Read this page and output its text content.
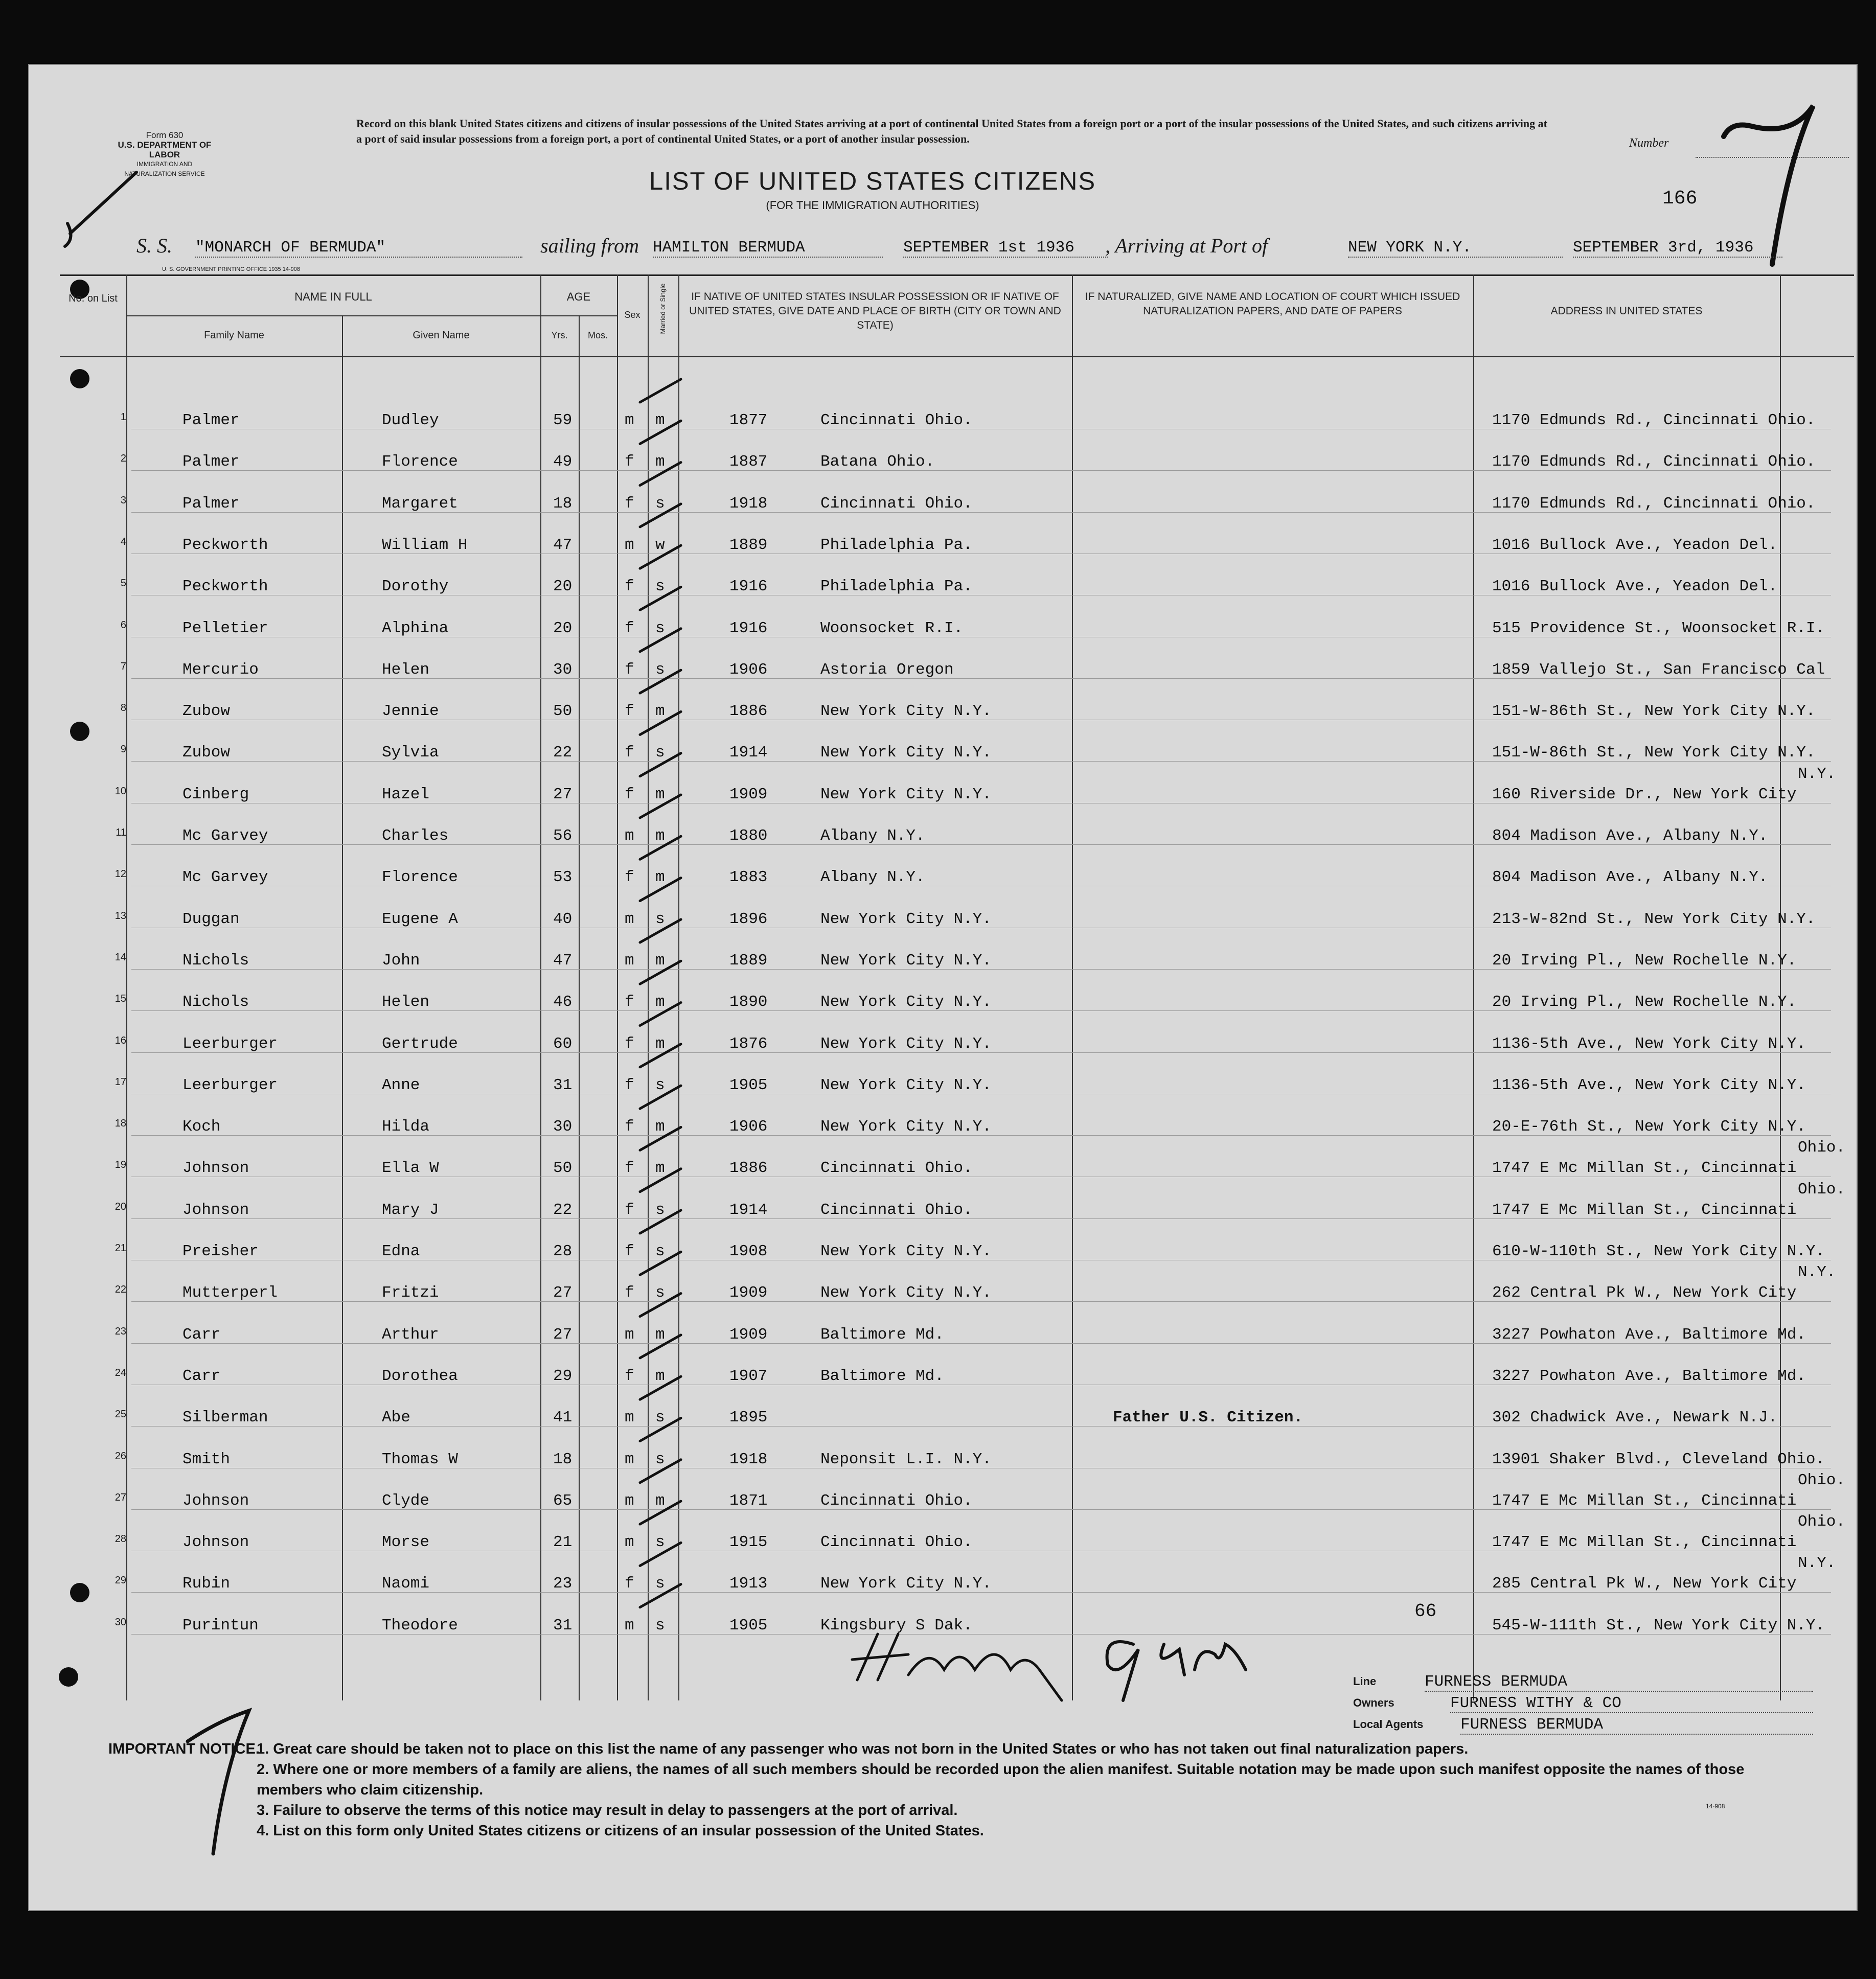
Form 630
U.S. DEPARTMENT OF LABOR
IMMIGRATION AND NATURALIZATION SERVICE
Record on this blank United States citizens and citizens of insular possessions of the United States arriving at a port of continental United States from a foreign port or a port of the insular possessions of the United States, and such citizens arriving at a port of said insular possessions from a foreign port, a port of continental United States, or a port of another insular possession.	Number
166
LIST OF UNITED STATES CITIZENS
(FOR THE IMMIGRATION AUTHORITIES)
S. S. "MONARCH OF BERMUDA"	sailing from HAMILTON BERMUDA	SEPTEMBER 1st 1936	, Arriving at Port of	NEW YORK N.Y.	SEPTEMBER 3rd, 1936
U. S. GOVERNMENT PRINTING OFFICE 1935 14-908
No. on List	NAME IN FULL
Family Name	Given Name
AGE
Yrs.	Mos.
Sex	Married or Single	IF NATIVE OF UNITED STATES INSULAR POSSESSION OR IF NATIVE OF UNITED STATES, GIVE DATE AND PLACE OF BIRTH (CITY OR TOWN AND STATE)
IF NATURALIZED, GIVE NAME AND LOCATION OF COURT WHICH ISSUED NATURALIZATION PAPERS, AND DATE OF PAPERS	ADDRESS IN UNITED STATES
1	Palmer	Dudley	59	m m	1877	Cincinnati Ohio.	1170 Edmunds Rd., Cincinnati Ohio.
2	Palmer	Florence	49	f m	1887	Batana Ohio.	1170 Edmunds Rd., Cincinnati Ohio.
3	Palmer	Margaret	18	f s	1918	Cincinnati Ohio.	1170 Edmunds Rd., Cincinnati Ohio.
4	Peckworth	William H	47	m w	1889	Philadelphia Pa.	1016 Bullock Ave., Yeadon Del.
5	Peckworth	Dorothy	20	f s	1916	Philadelphia Pa.	1016 Bullock Ave., Yeadon Del.
6	Pelletier	Alphina	20	f s	1916	Woonsocket R.I.	515 Providence St., Woonsocket R.I.
7	Mercurio	Helen	30	f s	1906	Astoria Oregon	1859 Vallejo St., San Francisco Cal
8	Zubow	Jennie	50	f m	1886	New York City N.Y.	151-W-86th St., New York City N.Y.
9	Zubow	Sylvia	22	f s	1914	New York City N.Y.	151-W-86th St., New York City N.Y.
10	Cinberg	Hazel	27	f m	1909	New York City N.Y.	160 Riverside Dr., New York City
N.Y.
11	Mc Garvey	Charles	56	m m	1880	Albany N.Y.	804 Madison Ave., Albany N.Y.
12	Mc Garvey	Florence	53	f m	1883	Albany N.Y.	804 Madison Ave., Albany N.Y.
13	Duggan	Eugene A	40	m s	1896	New York City N.Y.	213-W-82nd St., New York City N.Y.
14	Nichols	John	47	m m	1889	New York City N.Y.	20 Irving Pl., New Rochelle N.Y.
15	Nichols	Helen	46	f m	1890	New York City N.Y.	20 Irving Pl., New Rochelle N.Y.
16	Leerburger	Gertrude	60	f m	1876	New York City N.Y.	1136-5th Ave., New York City N.Y.
17	Leerburger	Anne	31	f s	1905	New York City N.Y.	1136-5th Ave., New York City N.Y.
18	Koch	Hilda	30	f m	1906	New York City N.Y.	20-E-76th St., New York City N.Y.
19	Johnson	Ella W	50	f m	1886	Cincinnati Ohio.	1747 E Mc Millan St., Cincinnati
Ohio.
20	Johnson	Mary J	22	f s	1914	Cincinnati Ohio.	1747 E Mc Millan St., Cincinnati
Ohio.
21	Preisher	Edna	28	f s	1908	New York City N.Y.	610-W-110th St., New York City N.Y.
22	Mutterperl	Fritzi	27	f s	1909	New York City N.Y.	262 Central Pk W., New York City
N.Y.
23	Carr	Arthur	27	m m	1909	Baltimore Md.	3227 Powhaton Ave., Baltimore Md.
24	Carr	Dorothea	29	f m	1907	Baltimore Md.	3227 Powhaton Ave., Baltimore Md.
25	Silberman	Abe	41	m s	1895	Father U.S. Citizen.	302 Chadwick Ave., Newark N.J.
26	Smith	Thomas W	18	m s	1918	Neponsit L.I. N.Y.	13901 Shaker Blvd., Cleveland Ohio.
27	Johnson	Clyde	65	m m	1871	Cincinnati Ohio.	1747 E Mc Millan St., Cincinnati
Ohio.
28	Johnson	Morse	21	m s	1915	Cincinnati Ohio.	1747 E Mc Millan St., Cincinnati
Ohio.
29	Rubin	Naomi	23	f s	1913	New York City N.Y.	285 Central Pk W., New York City
N.Y.
30	Purintun	Theodore	31	m s	1905	Kingsbury S Dak.	545-W-111th St., New York City N.Y.
66
Line	FURNESS BERMUDA
Owners	FURNESS WITHY & CO
Local Agents FURNESS BERMUDA
IMPORTANT NOTICE.
1. Great care should be taken not to place on this list the name of any passenger who was not born in the United States or who has not taken out final naturalization papers.
2. Where one or more members of a family are aliens, the names of all such members should be recorded upon the alien manifest. Suitable notation may be made upon such manifest opposite the names of those members who claim citizenship.
3. Failure to observe the terms of this notice may result in delay to passengers at the port of arrival.
4. List on this form only United States citizens or citizens of an insular possession of the United States.
14-908
